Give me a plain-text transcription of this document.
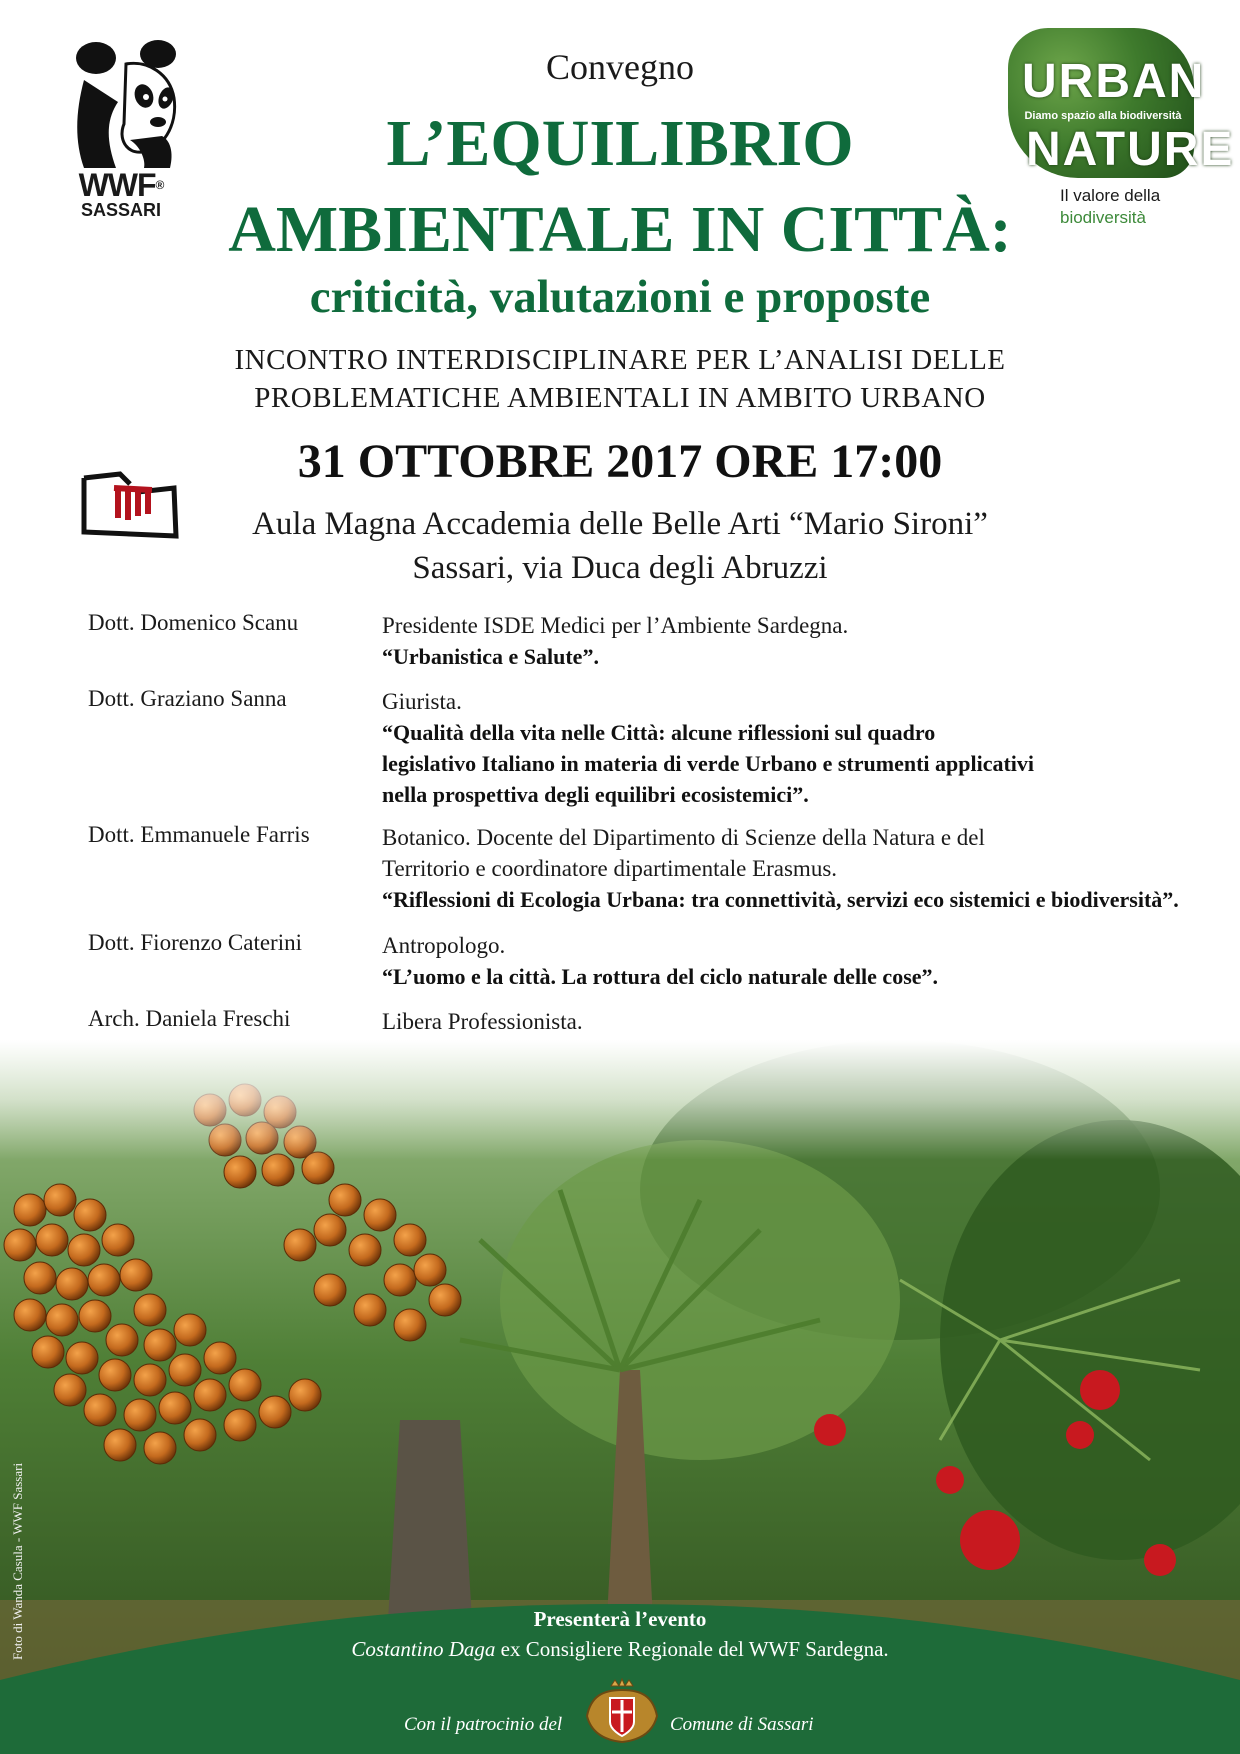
WWF®
SASSARI
URBAN
Diamo spazio alla biodiversità
NATURE
Il valore della
biodiversità
Convegno
L’EQUILIBRIO
AMBIENTALE IN CITTÀ:
criticità, valutazioni e proposte
INCONTRO INTERDISCIPLINARE PER L’ANALISI DELLE
PROBLEMATICHE AMBIENTALI IN AMBITO URBANO
31 OTTOBRE 2017 ORE 17:00
Aula Magna Accademia delle Belle Arti “Mario Sironi”
Sassari, via Duca degli Abruzzi
Dott. Domenico Scanu	Presidente ISDE Medici per l’Ambiente Sardegna.
“Urbanistica e Salute”.
Dott. Graziano Sanna	Giurista.
“Qualità della vita nelle Città: alcune riflessioni sul quadro
legislativo Italiano in materia di verde Urbano e strumenti applicativi
nella prospettiva degli equilibri ecosistemici”.
Dott. Emmanuele Farris	Botanico. Docente del Dipartimento di Scienze della Natura e del
Territorio e coordinatore dipartimentale Erasmus.
“Riflessioni di Ecologia Urbana: tra connettività, servizi eco sistemici e biodiversità”.
Dott. Fiorenzo Caterini	Antropologo.
“L’uomo e la città. La rottura del ciclo naturale delle cose”.
Arch. Daniela Freschi	Libera Professionista.
Foto di Wanda Casula - WWF Sassari	Presenterà l’evento
Costantino Daga ex Consigliere Regionale del WWF Sardegna.
Con il patrocinio del	Comune di Sassari
